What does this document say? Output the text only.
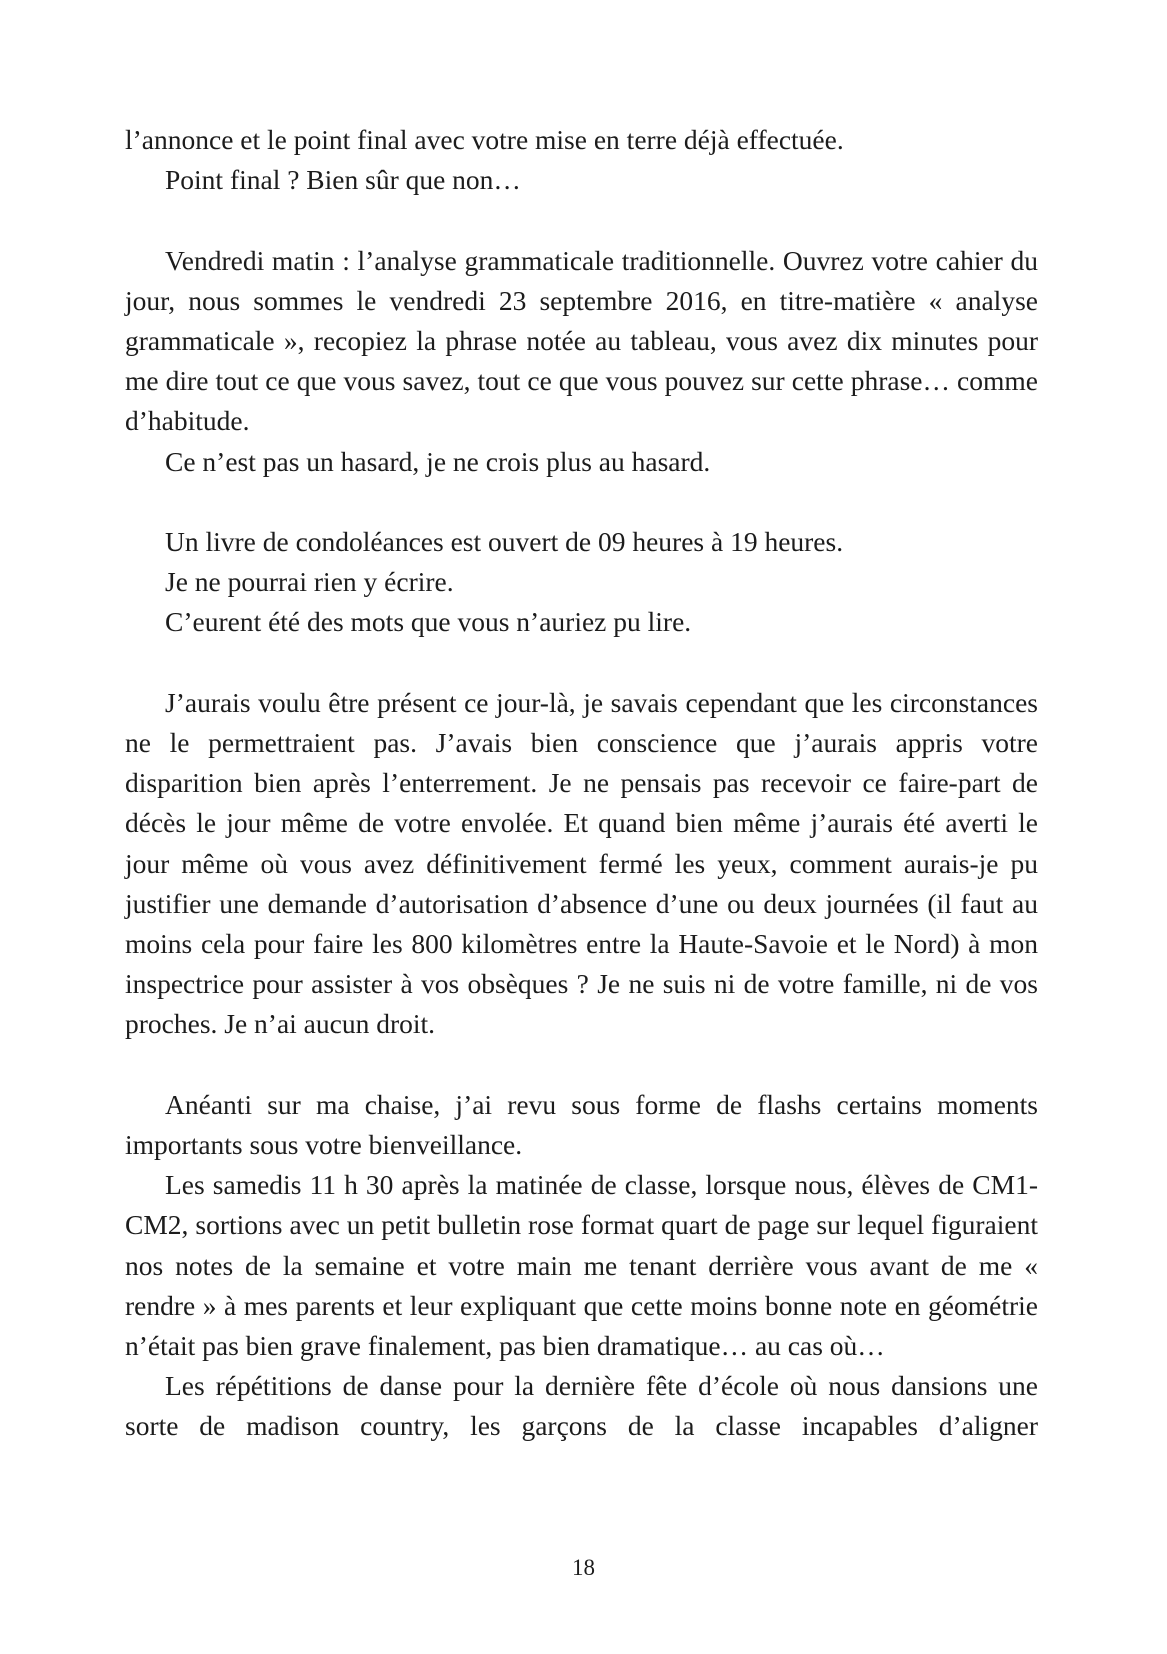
l’annonce et le point final avec votre mise en terre déjà effectuée.

Point final ? Bien sûr que non…

Vendredi matin : l’analyse grammaticale traditionnelle. Ouvrez votre cahier du jour, nous sommes le vendredi 23 septembre 2016, en titre-matière « analyse grammaticale », recopiez la phrase notée au tableau, vous avez dix minutes pour me dire tout ce que vous savez, tout ce que vous pouvez sur cette phrase… comme d’habitude.

Ce n’est pas un hasard, je ne crois plus au hasard.

Un livre de condoléances est ouvert de 09 heures à 19 heures.

Je ne pourrai rien y écrire.

C’eurent été des mots que vous n’auriez pu lire.

J’aurais voulu être présent ce jour-là, je savais cependant que les circonstances ne le permettraient pas. J’avais bien conscience que j’aurais appris votre disparition bien après l’enterrement. Je ne pensais pas recevoir ce faire-part de décès le jour même de votre envolée. Et quand bien même j’aurais été averti le jour même où vous avez définitivement fermé les yeux, comment aurais-je pu justifier une demande d’autorisation d’absence d’une ou deux journées (il faut au moins cela pour faire les 800 kilomètres entre la Haute-Savoie et le Nord) à mon inspectrice pour assister à vos obsèques ? Je ne suis ni de votre famille, ni de vos proches. Je n’ai aucun droit.

Anéanti sur ma chaise, j’ai revu sous forme de flashs certains moments importants sous votre bienveillance.

Les samedis 11 h 30 après la matinée de classe, lorsque nous, élèves de CM1-CM2, sortions avec un petit bulletin rose format quart de page sur lequel figuraient nos notes de la semaine et votre main me tenant derrière vous avant de me « rendre » à mes parents et leur expliquant que cette moins bonne note en géométrie n’était pas bien grave finalement, pas bien dramatique… au cas où…

Les répétitions de danse pour la dernière fête d’école où nous dansions une sorte de madison country, les garçons de la classe incapables d’aligner

18
